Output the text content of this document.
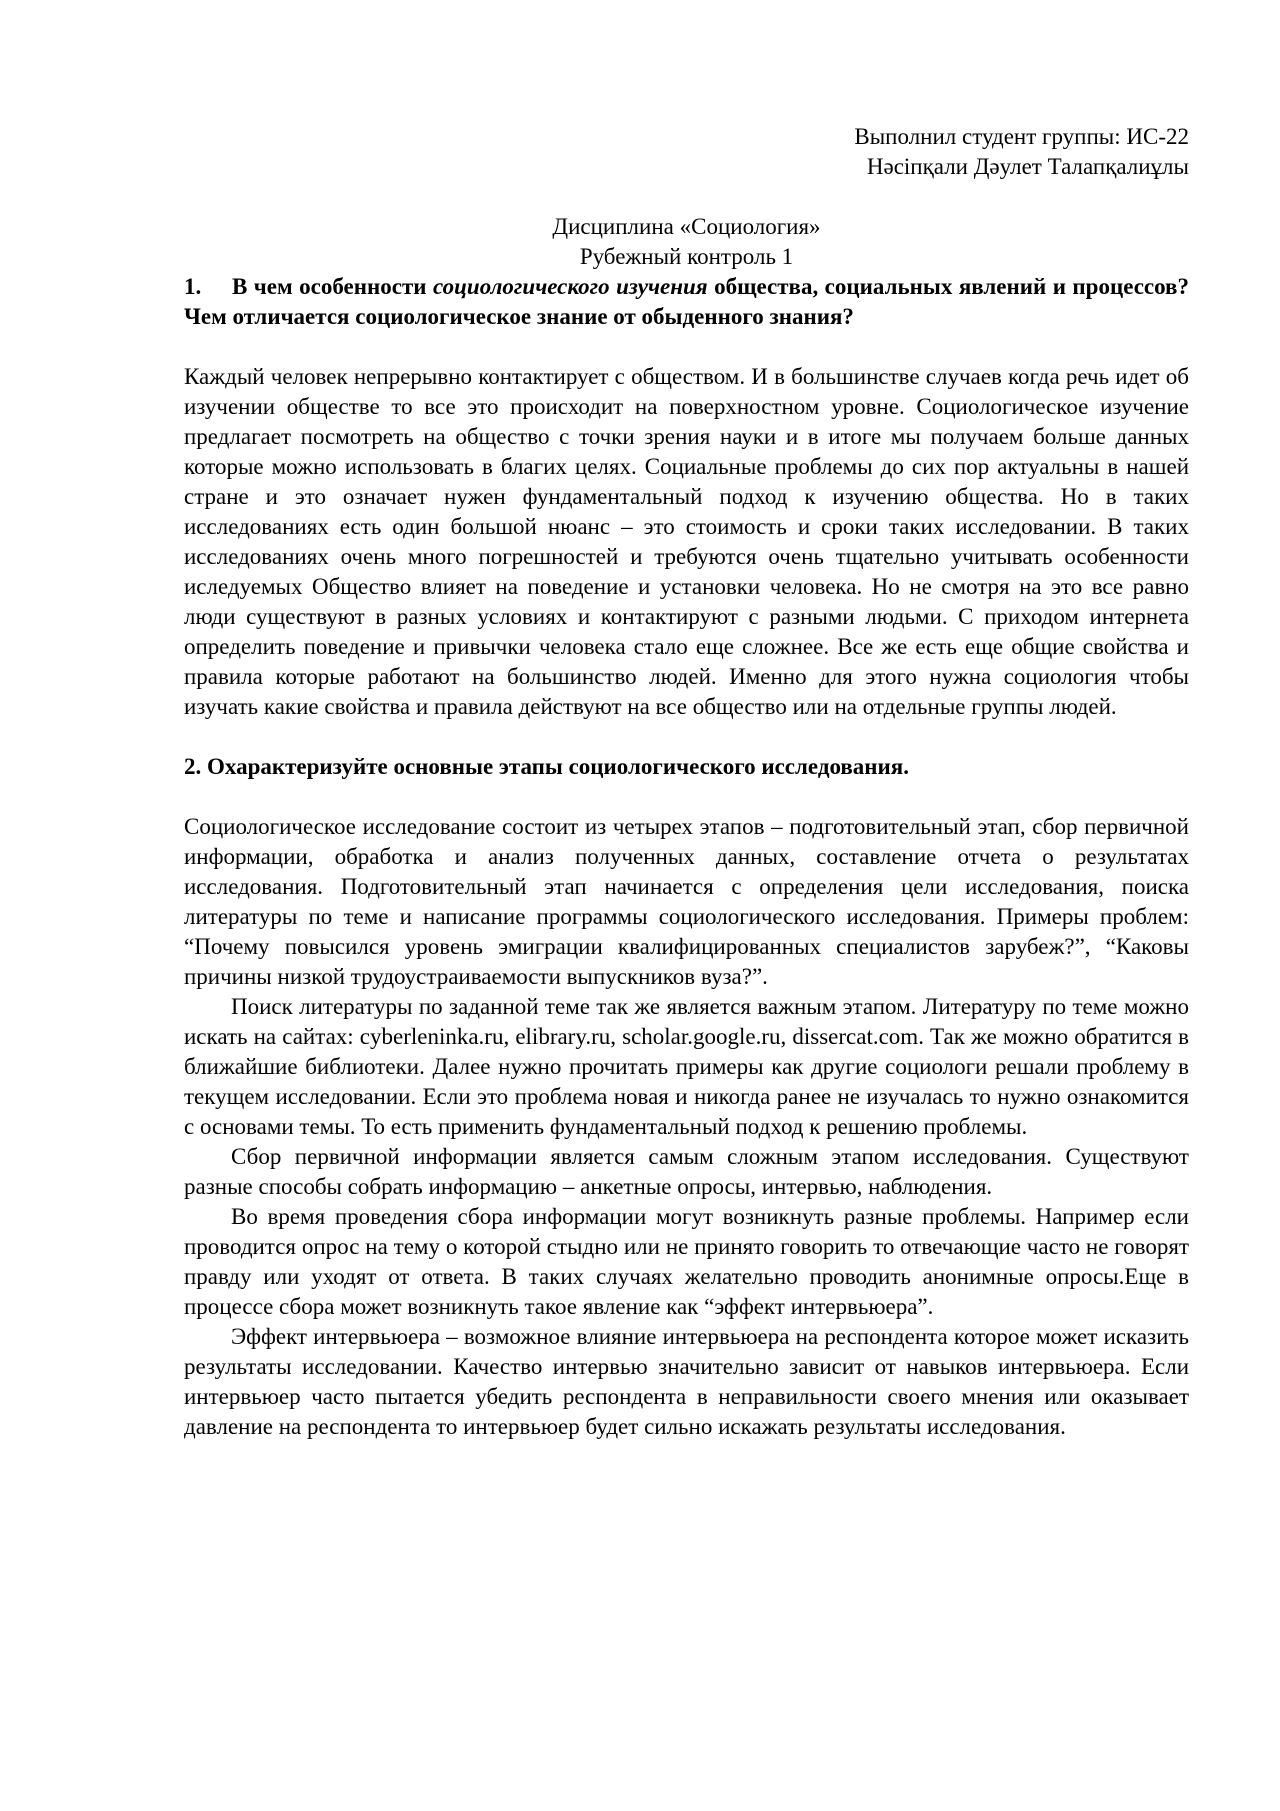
Выполнил студент группы: ИС-22
Нәсіпқали Дәулет Талапқалиұлы
Дисциплина «Социология»
Рубежный контроль 1
1. В чем особенности социологического изучения общества, социальных явлений и процессов? Чем отличается социологическое знание от обыденного знания?

Каждый человек непрерывно контактирует с обществом. И в большинстве случаев когда речь идет об изучении обществе то все это происходит на поверхностном уровне. Социологическое изучение предлагает посмотреть на общество с точки зрения науки и в итоге мы получаем больше данных которые можно использовать в благих целях. Социальные проблемы до сих пор актуальны в нашей стране и это означает нужен фундаментальный подход к изучению общества. Но в таких исследованиях есть один большой нюанс – это стоимость и сроки таких исследовании. В таких исследованиях очень много погрешностей и требуются очень тщательно учитывать особенности иследуемых Общество влияет на поведение и установки человека. Но не смотря на это все равно люди существуют в разных условиях и контактируют с разными людьми. С приходом интернета определить поведение и привычки человека стало еще сложнее. Все же есть еще общие свойства и правила которые работают на большинство людей. Именно для этого нужна социология чтобы изучать какие свойства и правила действуют на все общество или на отдельные группы людей.

2. Охарактеризуйте основные этапы социологического исследования.

Социологическое исследование состоит из четырех этапов – подготовительный этап, сбор первичной информации, обработка и анализ полученных данных, составление отчета о результатах исследования. Подготовительный этап начинается с определения цели исследования, поиска литературы по теме и написание программы социологического исследования. Примеры проблем: “Почему повысился уровень эмиграции квалифицированных специалистов зарубеж?”, “Каковы причины низкой трудоустраиваемости выпускников вуза?”.

Поиск литературы по заданной теме так же является важным этапом. Литературу по теме можно искать на сайтах: cyberleninka.ru, elibrary.ru, scholar.google.ru, dissercat.com. Так же можно обратится в ближайшие библиотеки. Далее нужно прочитать примеры как другие социологи решали проблему в текущем исследовании. Если это проблема новая и никогда ранее не изучалась то нужно ознакомится с основами темы. То есть применить фундаментальный подход к решению проблемы.

Сбор первичной информации является самым сложным этапом исследования. Существуют разные способы собрать информацию – анкетные опросы, интервью, наблюдения.

Во время проведения сбора информации могут возникнуть разные проблемы. Например если проводится опрос на тему о которой стыдно или не принято говорить то отвечающие часто не говорят правду или уходят от ответа. В таких случаях желательно проводить анонимные опросы.Еще в процессе сбора может возникнуть такое явление как “эффект интервьюера”.

Эффект интервьюера – возможное влияние интервьюера на респондента которое может исказить результаты исследовании. Качество интервью значительно зависит от навыков интервьюера. Если интервьюер часто пытается убедить респондента в неправильности своего мнения или оказывает давление на респондента то интервьюер будет сильно искажать результаты исследования.
